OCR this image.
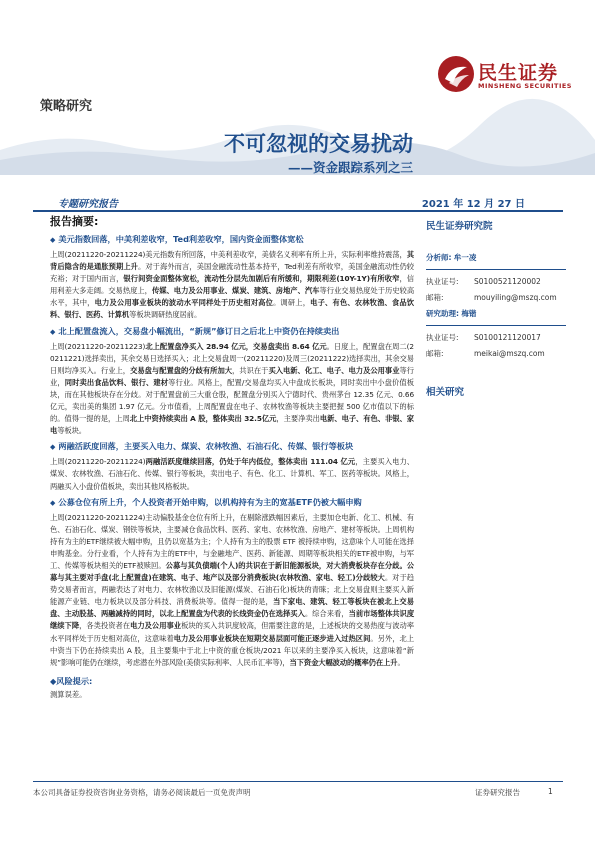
民生证券
MINSHENG SECURITIES
策略研究
不可忽视的交易扰动
——资金跟踪系列之三
专题研究报告	2021 年 12 月 27 日
报告摘要:
◆ 美元指数回落，中美利差收窄，Ted利差收窄，国内资金面整体宽松
上周(20211220-20211224)美元指数有所回落，中美利差收窄，美债名义利率有所上升，实际利率维持震荡，其背后隐含的是通胀预期上升。对于海外而言，美国金融流动性基本持平，Ted利差有所收窄，美国金融流动性仍较充裕；对于国内而言，银行间资金面整体宽松，流动性分层先加剧后有所缓和，期限利差(10Y-1Y)有所收窄，信用利差大多走阔。交易热度上，传媒、电力及公用事业、煤炭、建筑、房地产、汽车等行业交易热度处于历史较高水平，其中，电力及公用事业板块的波动水平同样处于历史相对高位。调研上，电子、有色、农林牧渔、食品饮料、银行、医药、计算机等板块调研热度居前。
◆ 北上配置盘流入，交易盘小幅流出，“新规”修订日之后北上中资仍在持续卖出
上周(20211220-20211223)北上配置盘净买入 28.94 亿元，交易盘卖出 8.64 亿元。日度上，配置盘在周二(20211221)选择卖出，其余交易日选择买入；北上交易盘周一(20211220)及周三(20211222)选择卖出，其余交易日则均净买入。行业上，交易盘与配置盘的分歧有所加大，共识在于买入电新、化工、电子、电力及公用事业等行业，同时卖出食品饮料、银行、建材等行业。风格上，配置/交易盘均买入中盘成长板块，同时卖出中小盘价值板块，而在其他板块存在分歧。对于配置盘前三大重仓股，配置盘分别买入宁德时代、贵州茅台 12.35 亿元、0.66 亿元，卖出美的集团 1.97 亿元。分市值看，上周配置盘在电子、农林牧渔等板块主要把握 500 亿市值以下的标的。值得一提的是，上周北上中资持续卖出 A 股，整体卖出 32.5亿元，主要净卖出电新、电子、有色、非银、家电等板块。
◆ 两融活跃度回落，主要买入电力、煤炭、农林牧渔、石油石化、传媒、银行等板块
上周(20211220-20211224)两融活跃度继续回落，仍处于年内低位，整体卖出 111.04 亿元，主要买入电力、煤炭、农林牧渔、石油石化、传媒、银行等板块，卖出电子、有色、化工、计算机、军工、医药等板块。风格上，两融买入小盘价值板块，卖出其他风格板块。
◆ 公募仓位有所上升，个人投资者开始申购，以机构持有为主的宽基ETF仍被大幅申购
上周(20211220-20211224)主动偏股基金仓位有所上升，在剔除涨跌幅因素后，主要加仓电新、化工、机械、有色、石油石化、煤炭、钢铁等板块，主要减仓食品饮料、医药、家电、农林牧渔、房地产、建材等板块。上周机构持有为主的ETF继续被大幅申购，且仍以宽基为主；个人持有为主的股票 ETF 被持续申购，这意味个人可能在选择申购基金。分行业看，个人持有为主的ETF中，与金融地产、医药、新能源、周期等板块相关的ETF被申购，与军工、传媒等板块相关的ETF被赎回。公募与其负债端(个人)的共识在于新旧能源板块，对大消费板块存在分歧。公募与其主要对手盘(北上配置盘)在建筑、电子、地产以及部分消费板块(农林牧渔、家电、轻工)分歧较大。对于趋势交易者而言，两融表达了对电力、农林牧渔以及旧能源(煤炭、石油石化)板块的青睐；北上交易盘则主要买入新能源产业链、电力板块以及部分科技、消费板块等。值得一提的是，当下家电、建筑、轻工等板块在被北上交易盘、主动股基、两融减持的同时，以北上配置盘为代表的长线资金仍在选择买入。综合来看，当前市场整体共识度继续下降，各类投资者在电力及公用事业板块的买入共识度较高，但需要注意的是，上述板块的交易热度与波动率水平同样处于历史相对高位，这意味着电力及公用事业板块在短期交易层面可能正逐步进入过热区间。另外，北上中资当下仍在持续卖出 A 股，且主要集中于北上中资的重仓板块/2021 年以来的主要净买入板块，这意味着“新规”影响可能仍在继续，考虑潜在外部风险(美债实际利率、人民币汇率等)，当下资金大幅波动的概率仍在上升。
◆风险提示:
测算误差。
民生证券研究院
分析师: 牟一凌
执业证号: S0100521120002
邮箱:	mouyiling@mszq.com
研究助理: 梅锴
执业证号: S0100121120017
邮箱:	meikai@mszq.com
相关研究
本公司具备证券投资咨询业务资格，请务必阅读最后一页免责声明	证券研究报告	1
